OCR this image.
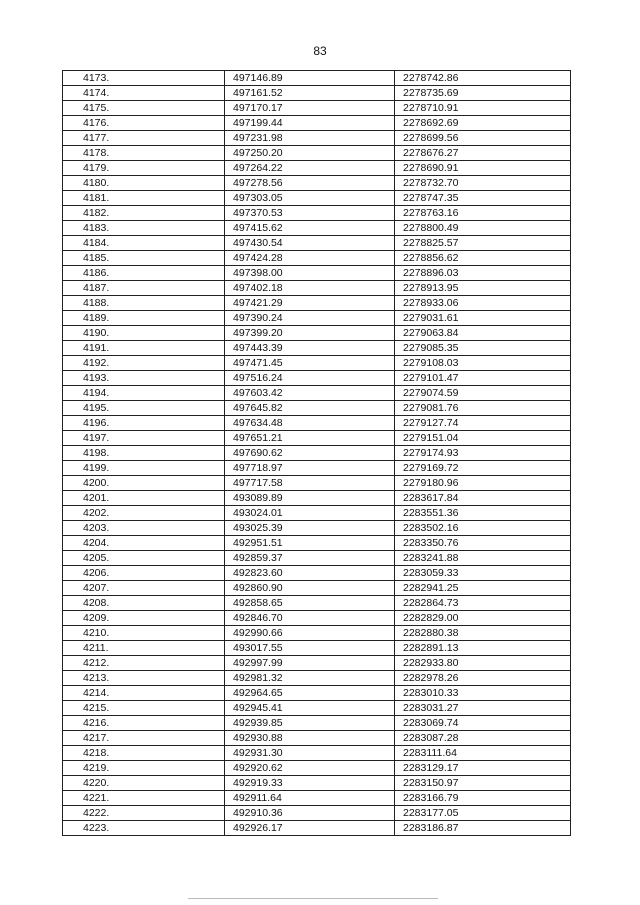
83
4173.	497146.89	2278742.86
4174.	497161.52	2278735.69
4175.	497170.17	2278710.91
4176.	497199.44	2278692.69
4177.	497231.98	2278699.56
4178.	497250.20	2278676.27
4179.	497264.22	2278690.91
4180.	497278.56	2278732.70
4181.	497303.05	2278747.35
4182.	497370.53	2278763.16
4183.	497415.62	2278800.49
4184.	497430.54	2278825.57
4185.	497424.28	2278856.62
4186.	497398.00	2278896.03
4187.	497402.18	2278913.95
4188.	497421.29	2278933.06
4189.	497390.24	2279031.61
4190.	497399.20	2279063.84
4191.	497443.39	2279085.35
4192.	497471.45	2279108.03
4193.	497516.24	2279101.47
4194.	497603.42	2279074.59
4195.	497645.82	2279081.76
4196.	497634.48	2279127.74
4197.	497651.21	2279151.04
4198.	497690.62	2279174.93
4199.	497718.97	2279169.72
4200.	497717.58	2279180.96
4201.	493089.89	2283617.84
4202.	493024.01	2283551.36
4203.	493025.39	2283502.16
4204.	492951.51	2283350.76
4205.	492859.37	2283241.88
4206.	492823.60	2283059.33
4207.	492860.90	2282941.25
4208.	492858.65	2282864.73
4209.	492846.70	2282829.00
4210.	492990.66	2282880.38
4211.	493017.55	2282891.13
4212.	492997.99	2282933.80
4213.	492981.32	2282978.26
4214.	492964.65	2283010.33
4215.	492945.41	2283031.27
4216.	492939.85	2283069.74
4217.	492930.88	2283087.28
4218.	492931.30	2283111.64
4219.	492920.62	2283129.17
4220.	492919.33	2283150.97
4221.	492911.64	2283166.79
4222.	492910.36	2283177.05
4223.	492926.17	2283186.87
